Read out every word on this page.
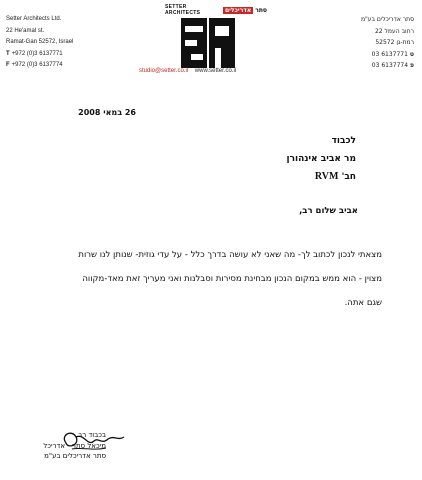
Setter Architects Ltd.
22 He'amal st.
Ramat-Gan 52572, Israel
T +972 (0)3 6137771
F +972 (0)3 6137774
SETTER ARCHITECTS	אדריכלים סתר
סתר אדריכלים בע"מ
רחוב העמל 22
רמת-גן 52572
ט03 6137771
פ03 6137774
studio@setter.co.il www.setter.co.il
26 במאי 2008
לכבוד
מר אביב אינהורן
חב' RVM
אביב שלום רב,
מצאתי לנכון לכתוב לך- מה שאני לא עושה בדרך כלל - על עדי גוזית- שנותן לנו שרות
מצוין - הוא ממש במקום הנכון מבחינת מסירות וסבלנות ואני מעריך זאת מאד-מקווה
שגם אתה.
בכבוד רב,
מיכאל סתר - אדריכל
סתר אדריכלים בע"מ
